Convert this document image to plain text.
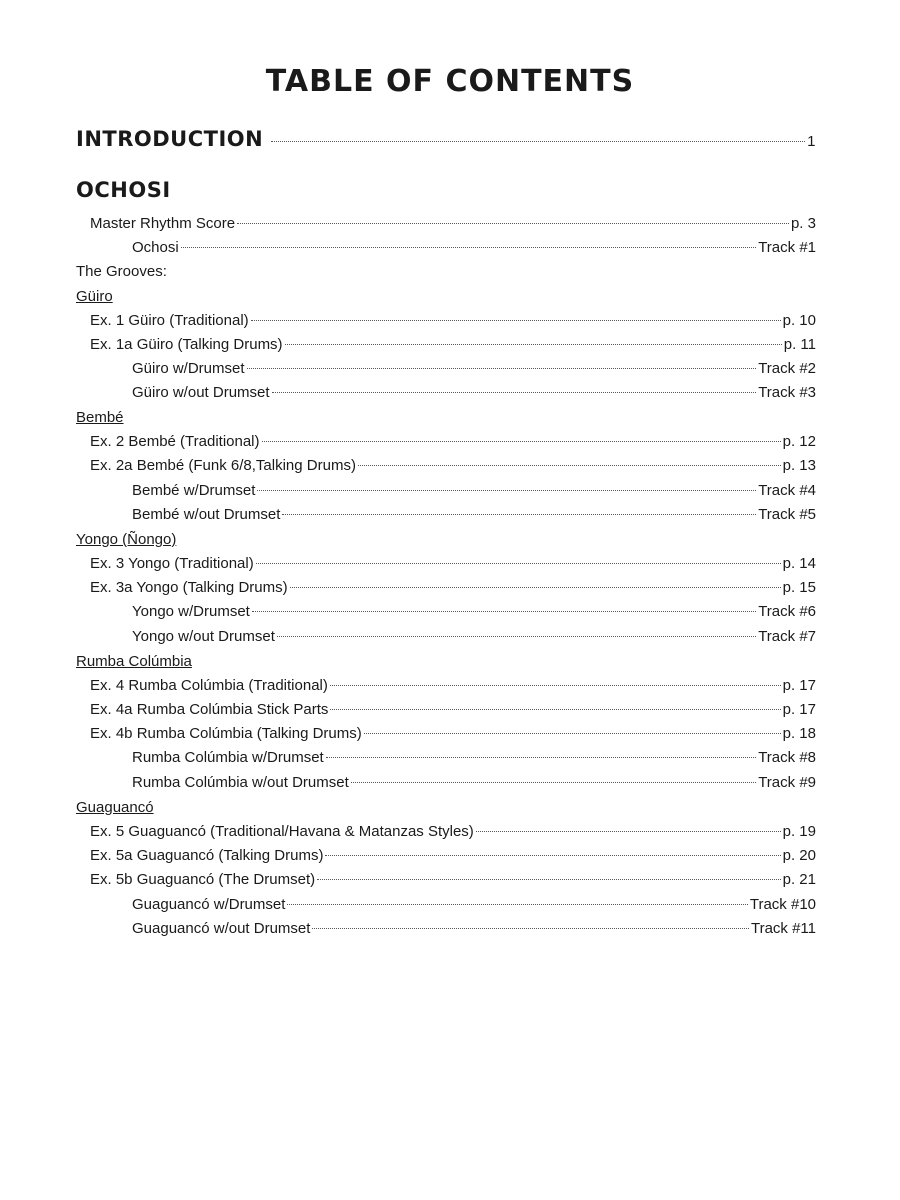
TABLE OF CONTENTS
INTRODUCTION	1
OCHOSI
Master Rhythm Score	p. 3
Ochosi	Track #1
The Grooves:
Güiro
Ex. 1 Güiro (Traditional)	p. 10
Ex. 1a Güiro (Talking Drums)	p. 11
Güiro w/Drumset	Track #2
Güiro w/out Drumset	Track #3
Bembé
Ex. 2 Bembé (Traditional)	p. 12
Ex. 2a Bembé (Funk 6/8,Talking Drums)	p. 13
Bembé w/Drumset	Track #4
Bembé w/out Drumset	Track #5
Yongo (Ñongo)
Ex. 3 Yongo (Traditional)	p. 14
Ex. 3a Yongo (Talking Drums)	p. 15
Yongo w/Drumset	Track #6
Yongo w/out Drumset	Track #7
Rumba Colúmbia
Ex. 4 Rumba Colúmbia (Traditional)	p. 17
Ex. 4a Rumba Colúmbia Stick Parts	p. 17
Ex. 4b Rumba Colúmbia (Talking Drums)	p. 18
Rumba Colúmbia w/Drumset	Track #8
Rumba Colúmbia w/out Drumset	Track #9
Guaguancó
Ex. 5 Guaguancó (Traditional/Havana & Matanzas Styles)	p. 19
Ex. 5a Guaguancó (Talking Drums)	p. 20
Ex. 5b Guaguancó (The Drumset)	p. 21
Guaguancó w/Drumset	Track #10
Guaguancó w/out Drumset	Track #11
